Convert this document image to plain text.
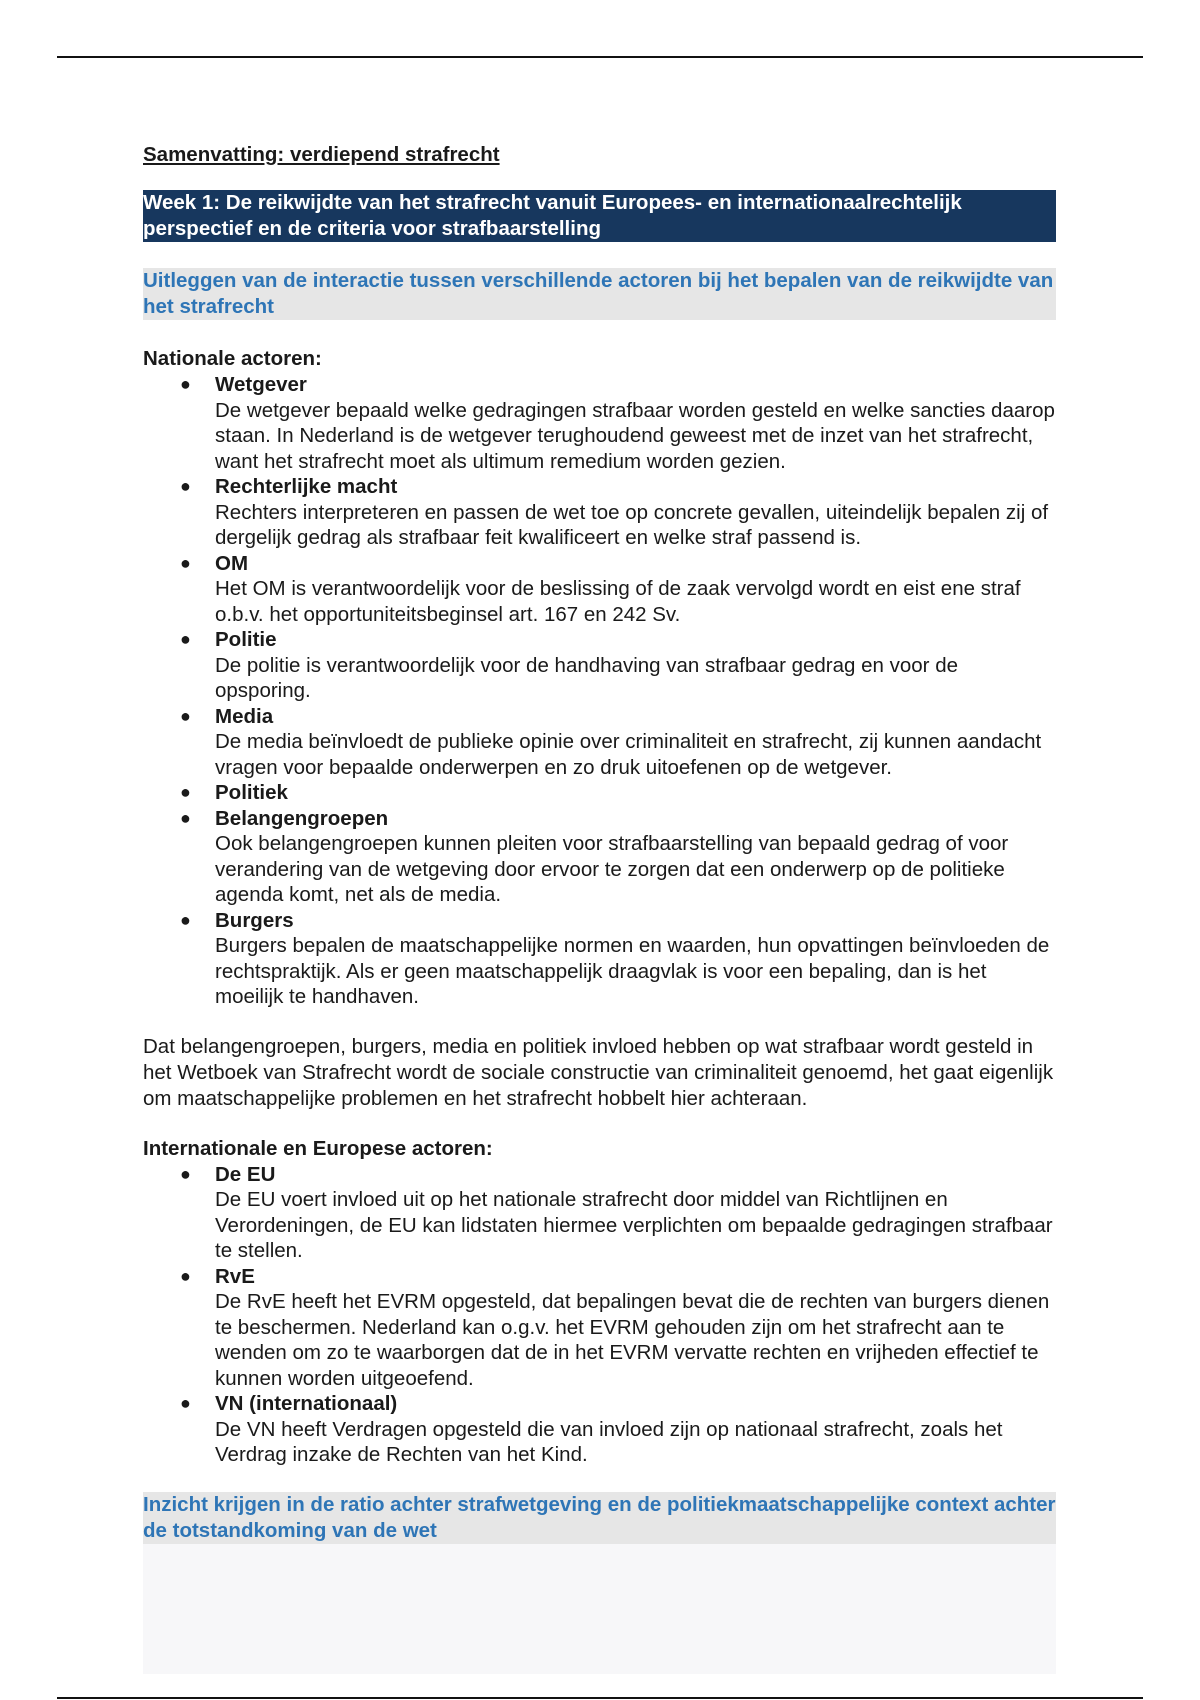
Samenvatting: verdiepend strafrecht
Week 1: De reikwijdte van het strafrecht vanuit Europees- en internationaalrechtelijk perspectief en de criteria voor strafbaarstelling
Uitleggen van de interactie tussen verschillende actoren bij het bepalen van de reikwijdte van het strafrecht
Nationale actoren:
● Wetgever
De wetgever bepaald welke gedragingen strafbaar worden gesteld en welke sancties daarop staan. In Nederland is de wetgever terughoudend geweest met de inzet van het strafrecht, want het strafrecht moet als ultimum remedium worden gezien.
● Rechterlijke macht
Rechters interpreteren en passen de wet toe op concrete gevallen, uiteindelijk bepalen zij of dergelijk gedrag als strafbaar feit kwalificeert en welke straf passend is.
● OM
Het OM is verantwoordelijk voor de beslissing of de zaak vervolgd wordt en eist ene straf o.b.v. het opportuniteitsbeginsel art. 167 en 242 Sv.
● Politie
De politie is verantwoordelijk voor de handhaving van strafbaar gedrag en voor de opsporing.
● Media
De media beïnvloedt de publieke opinie over criminaliteit en strafrecht, zij kunnen aandacht vragen voor bepaalde onderwerpen en zo druk uitoefenen op de wetgever.
● Politiek
● Belangengroepen
Ook belangengroepen kunnen pleiten voor strafbaarstelling van bepaald gedrag of voor verandering van de wetgeving door ervoor te zorgen dat een onderwerp op de politieke agenda komt, net als de media.
● Burgers
Burgers bepalen de maatschappelijke normen en waarden, hun opvattingen beïnvloeden de rechtspraktijk. Als er geen maatschappelijk draagvlak is voor een bepaling, dan is het moeilijk te handhaven.

Dat belangengroepen, burgers, media en politiek invloed hebben op wat strafbaar wordt gesteld in het Wetboek van Strafrecht wordt de sociale constructie van criminaliteit genoemd, het gaat eigenlijk om maatschappelijke problemen en het strafrecht hobbelt hier achteraan.

Internationale en Europese actoren:
● De EU
De EU voert invloed uit op het nationale strafrecht door middel van Richtlijnen en Verordeningen, de EU kan lidstaten hiermee verplichten om bepaalde gedragingen strafbaar te stellen.
● RvE
De RvE heeft het EVRM opgesteld, dat bepalingen bevat die de rechten van burgers dienen te beschermen. Nederland kan o.g.v. het EVRM gehouden zijn om het strafrecht aan te wenden om zo te waarborgen dat de in het EVRM vervatte rechten en vrijheden effectief te kunnen worden uitgeoefend.
● VN (internationaal)
De VN heeft Verdragen opgesteld die van invloed zijn op nationaal strafrecht, zoals het Verdrag inzake de Rechten van het Kind.
Inzicht krijgen in de ratio achter strafwetgeving en de politiekmaatschappelijke context achter de totstandkoming van de wet
